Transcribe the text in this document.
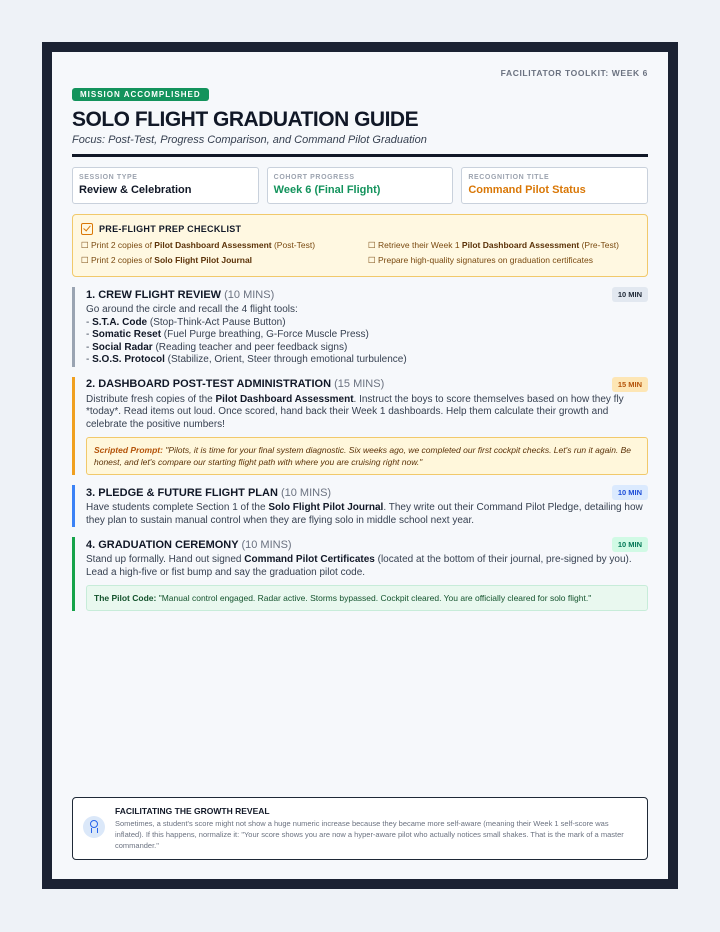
FACILITATOR TOOLKIT: WEEK 6
MISSION ACCOMPLISHED
SOLO FLIGHT GRADUATION GUIDE
Focus: Post-Test, Progress Comparison, and Command Pilot Graduation
SESSION TYPE
Review & Celebration
COHORT PROGRESS
Week 6 (Final Flight)
RECOGNITION TITLE
Command Pilot Status
PRE-FLIGHT PREP CHECKLIST
☐ Print 2 copies of Pilot Dashboard Assessment (Post-Test)	☐ Retrieve their Week 1 Pilot Dashboard Assessment (Pre-Test)
☐ Print 2 copies of Solo Flight Pilot Journal	☐ Prepare high-quality signatures on graduation certificates
1. CREW FLIGHT REVIEW (10 MINS)	10 MIN
Go around the circle and recall the 4 flight tools:
- S.T.A. Code (Stop-Think-Act Pause Button)
- Somatic Reset (Fuel Purge breathing, G-Force Muscle Press)
- Social Radar (Reading teacher and peer feedback signs)
- S.O.S. Protocol (Stabilize, Orient, Steer through emotional turbulence)
2. DASHBOARD POST-TEST ADMINISTRATION (15 MINS)	15 MIN
Distribute fresh copies of the Pilot Dashboard Assessment. Instruct the boys to score themselves based on how they fly *today*. Read items out loud. Once scored, hand back their Week 1 dashboards. Help them calculate their growth and celebrate the positive numbers!
Scripted Prompt: "Pilots, it is time for your final system diagnostic. Six weeks ago, we completed our first cockpit checks. Let's run it again. Be honest, and let's compare our starting flight path with where you are cruising right now."
3. PLEDGE & FUTURE FLIGHT PLAN (10 MINS)	10 MIN
Have students complete Section 1 of the Solo Flight Pilot Journal. They write out their Command Pilot Pledge, detailing how they plan to sustain manual control when they are flying solo in middle school next year.
4. GRADUATION CEREMONY (10 MINS)	10 MIN
Stand up formally. Hand out signed Command Pilot Certificates (located at the bottom of their journal, pre-signed by you). Lead a high-five or fist bump and say the graduation pilot code.
The Pilot Code: "Manual control engaged. Radar active. Storms bypassed. Cockpit cleared. You are officially cleared for solo flight."
FACILITATING THE GROWTH REVEAL
Sometimes, a student's score might not show a huge numeric increase because they became more self-aware (meaning their Week 1 self-score was inflated). If this happens, normalize it: "Your score shows you are now a hyper-aware pilot who actually notices small shakes. That is the mark of a master commander."
